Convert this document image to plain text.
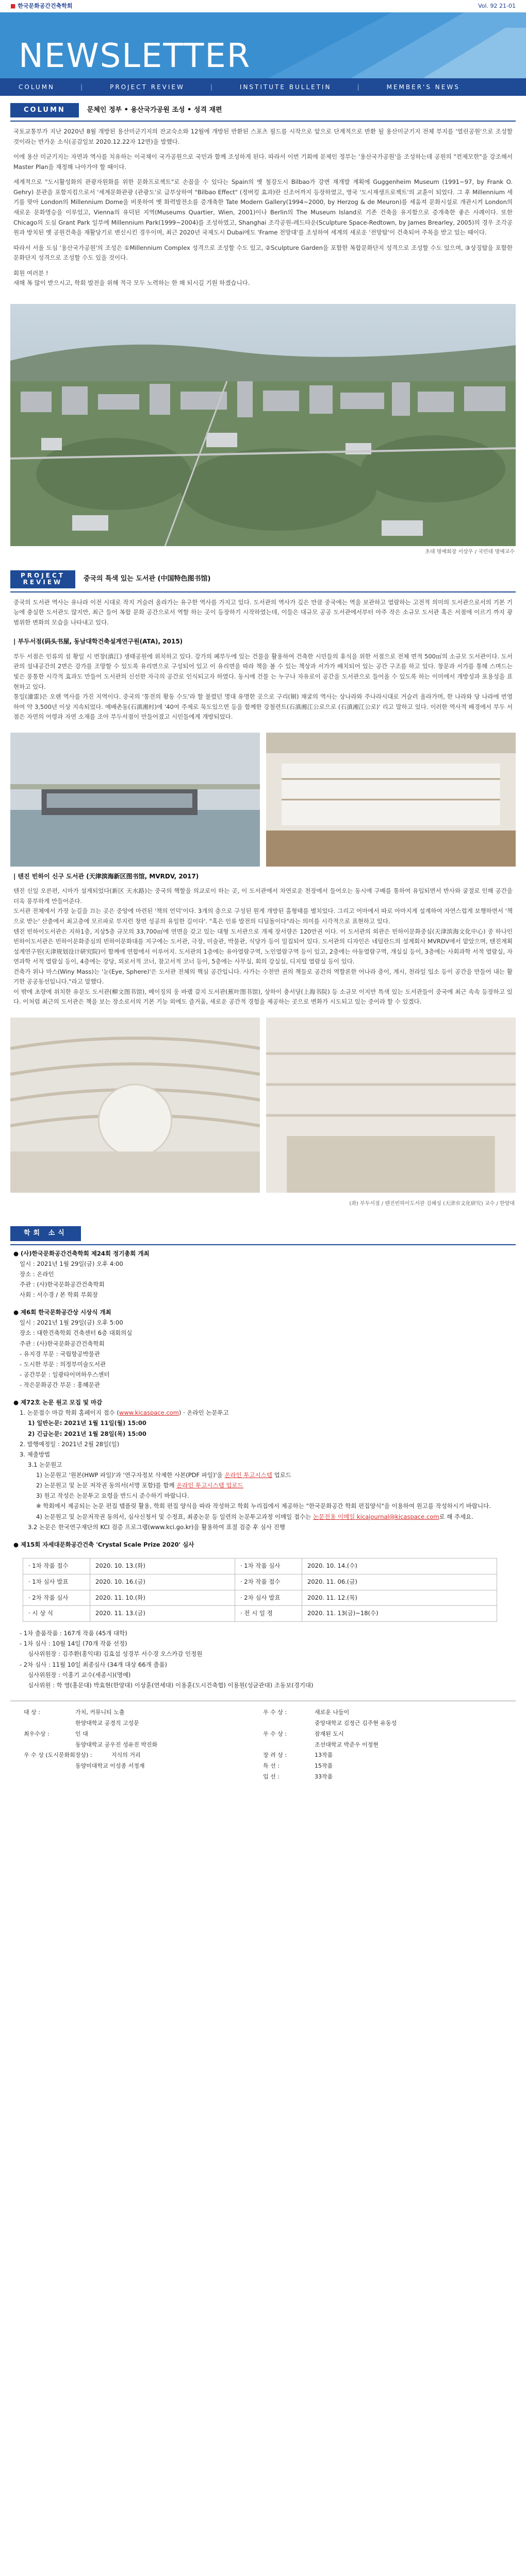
■ 한국문화공간건축학회	Vol. 92 21-01
NEWSLETTER
COLUMN	|	PROJECT REVIEW	|	INSTITUTE BULLETIN	|	MEMBER'S NEWS
COLUMN	문체인 정부 • 용산국가공원 조성 • 성격 재편

국토교통부가 지난 2020년 8월 개방된 용산미군기지의 잔교숙소와 12월에 개방된 반환된 스포츠 필드를 시작으로 앞으로 단계적으로 반환 될 용산미군기지 전체 부지를 '열린공원'으로 조성할 것이라는 반가운 소식(공감일보 2020.12.22자 12면)을 발했다.

이에 용산 미군기지는 자연과 역사를 치유하는 이국채이 국가공원으로 국민과 함께 조성하게 된다. 따라서 이번 기회에 문제인 정부는 '용산국가공원'을 조성하는데 공원의 "컨제모한"을 강조해서 Master Plan을 재정해 나아가야 할 때이다.

세계적으로 "도시활성화의 관광자원화를 위한 문화프로젝트"로 손꼽을 수 있다는 Spain의 옛 철강도시 Bilbao가 강변 재개발 계획에 Guggenheim Museum (1991~97, by Frank O. Gehry) 분관을 포함지킴으로서 '세계문화관광 (관광도'로 급부상하여 "Bilbao Effect" (정버킹 효과)란 신조어까지 등장하였고, 영국 '도시재생프로젝트'의 교훈이 되었다. 그 후 Millennium 세기를 맞아 London의 Millennium Dome을 비롯하여 옛 화력발전소를 증개축한 Tate Modern Gallery(1994~2000, by Herzog & de Meuron)를 세움져 문화시설로 개관시켜 London의 새로운 문화명승을 이루었고, Vienna의 유덕된 지역(Museums Quartier, Wien, 2001)이나 Berlin의 The Museum Island로 기존 건축을 유지함으로 증개축한 좋은 사례이다. 또한 Chicago의 도심 Grant Park 일부에 Millennium Park(1999~2004)를 조성하였고, Shanghai 조각공원-레드타운(Sculpture Space-Redtown, by James Brearley, 2005)의 경우 조각공원과 방치된 옛 공원건축을 재활당기로 변신시킨 경우이며, 최근 2020년 국제도시 Dubai에도 'Frame 전망대'를 조성하여 세계의 새로운 '전망탑'이 건축되어 주목을 받고 있는 때이다.

따라서 서울 도심 '용산국가공원'의 조성은 ①Millennium Complex 성격으로 조성할 수도 있고, ②Sculpture Garden을 포함한 복합문화단지 성격으로 조성할 수도 있으며, ③상징탑을 포함한 문화단지 성격으로 조성할 수도 있을 것이다.

회원 여러분 !
새해 복 많이 받으시고, 학회 발전을 위해 적극 모두 노력하는 한 해 되시길 기원 하겠습니다.

초대 명예회장 서상우 / 국민대 명예교수
PROJECT
REVIEW	중국의 특색 있는 도서관 (中国特色图书馆)
중국의 도서관 역사는 유나라 이전 시대로 작지 거슬러 올라가는 유구한 역사를 가지고 있다. 도서관의 역사가 깊은 만큼 중국에는 역을 보관하고 열람하는 고전적 의미의 도서관으로서의 기본 기능에 충실한 도서관도 많지만, 최근 들어 복합 문화 공간으로서 역할 하는 곳이 등장하기 시작하였는데, 이들은 대규모 공공 도서관에서부터 아주 작은 소규모 도서관 혹은 서점에 이르기 까지 광범위한 변화의 모습을 나타내고 있다.
| 부두서점(码头书屋, 동남대학건축설계연구원(ATA), 2015)
부두 서점은 인류의 섬 황일 시 번창(滇江) 생태공원에 위치하고 있다. 강가의 폐부두에 있는 건물을 활용하여 건축한 시민들의 휴식을 위한 서점으로 전체 면적 500㎡의 소규모 도서관이다. 도서관의 설내공간의 2면은 강가를 조망할 수 있도록 유리면으로 구성되어 있고 이 유리면을 따라 책을 볼 수 있는 책상과 서가가 배치되어 있는 공간 구조를 하고 있다. 창문과 서가를 통해 스며드는 빛은 풍통한 시각적 효과도 만들어 도서관의 신선한 자극의 공간로 인식되고자 하였다. 동시에 건물 는 누구나 자유로이 공간을 도서관으로 들어올 수 있도록 하는 이미에서 개방성과 포용성을 표현하고 있다.
통일(潼雷)은 오랜 역사를 가진 지역이다. 중국의 '통전의 황동 수도'라 할 불렸던 명대 유명한 곳으로 구리(铜) 채굴의 역사는 상나라와 주나라시대로 거슬러 올라가며, 한 나라와 당 나라에 번영하여 약 3,500년 이상 지속되었다. 예배촌동(石滇湘村)에 '40여 주제로 묵도있으면 등을 함께한 강철련트(石滇湘江公로으로 (石滇湘江公로)' 리고 말하고 있다. 이러한 역사적 배경에서 부두 서점은 자연의 어령과 자연 소재를 조아 부두서점이 만들어졌고 시민들에게 개방되었다.
| 텐진 빈하이 신구 도서관 (天津滨海新区图书馆, MVRDV, 2017)
텐진 신일 오른편, 시마가 설계되었다(新区 天水路)는 중국의 핵할을 의교로이 하는 곳, 이 도서관에서 차연로운 천장에서 들어오는 동시에 구배를 통하여 유입되면서 반사와 굴절로 인해 공간을 더욱 풍부하게 만들어준다.
도서관 전체에서 가장 눈길을 끄는 곳은 중앙에 마련된 '책의 언덕'이다. 3개의 층으로 구성된 원게 개방된 홀형태를 별치었다. 그리고 어마에서 따로 아마지게 설계하여 자연스럽게 보행하면서 '책으로 받는' 산출에서 최고층에 모르파로 부지런 창면 성공의 유일한 길이다'. "혹은 인류 발전의 디딤돌이다"라는 의미를 시각적으로 표현하고 있다.
텐진 빈하이도서관은 지하1층, 지상5층 규모의 33,700㎡에 연면을 갖고 있는 대형 도서관으로 개제 장서량은 120만권 이다. 이 도서관의 외관은 빈하이문화중심(天津滨海文化中心) 중 하나인 빈하이도서관은 빈하이문화중심의 빈하이문화대를 지구에는 도서관, 극장, 미술관, 박물관, 식당가 등이 밀집되어 있다. 도서관의 디자인은 네덜란드의 설계회사 MVRDV에서 맡았으며, 텐진계획설계연구원(天津规划设计研究院)이 함께에 연합에서 이루어지. 도서관의 1층에는 유아열람구역, 노인열람구역 등이 있고, 2층에는 아동열람구역, 개실실 등이, 3층에는 사회과학 서적 열람실, 자연과학 서적 열람실 등이, 4층에는 강당, 외로서적 코너, 참고서적 코너 등이, 5층에는 사무실, 회의 강실실, 디지털 열람실 등이 있다.
건축가 위나 마스(Winy Mass)는 '눈(Eye, Sphere)'은 도서관 전체의 핵심 공간입니다. 사가는 수천만 권의 책들로 공간의 역할론한 어나라 층이, 계시, 천라일 입소 등이 공간을 만들어 내는 활기한 공공동선입니다."라고 말했다.
이 밖에 초량에 위치한 유문도 도서관(柳文图书馆), 베이징의 웅 바램 갈지 도서관(蕉叶图书馆), 상하이 충서당(上海书院) 등 소규모 이지만 특색 있는 도서관들이 중국에 최근 속속 등장하고 있다. 이처럼 최근의 도서관은 책을 보는 장소로서의 기본 기능 외에도 즐거움, 새로운 공간적 경험을 제공하는 곳으로 변화가 시도되고 있는 중이라 할 수 있겠다.
(좌) 부두서점 / 텐진빈하이도서관 김혜성 (天津市文化研究) 교수 / 한양대
학회 소식
● (사)한국문화공간건축학회 제24회 정기총회 개최
일시 : 2021년 1월 29일(금) 오후 4:00
장소 : 온라인
주관 : (사)한국문화공간건축학회
사회 : 서수경 / 본 학회 부회장
● 제6회 한국문화공간상 시상식 개최
일시 : 2021년 1월 29일(금) 오후 5:00
장소 : 대한건축학회 건축센터 6층 대회의실
주관 : (사)한국문화공간건축학회
- 유지경 부문 : 국립항공박물관
- 도시한 부문 : 의정부미술도서관
- 공간부문 : 일광타이머하우스센터
- 작은문화공간 부문 : 홍혜문관
● 제72호 논문 원고 모집 및 마감
1. 논문접수 마감 학회 홈페이지 접수 (www.kicaspace.com) · 온라인 논문투고
1) 일반논문: 2021년 1월 11일(월) 15:00
2) 긴급논문: 2021년 1월 28일(목) 15:00
2. 발행예정일 : 2021년 2월 28일(일)
3. 제출방법
3.1 논문원고
1) 논문원고 '원본(HWP 파일)'과 '연구자정보 삭제한 사본(PDF 파일)'을 온라인 투고시스템 업로드
2) 논문원고 및 논문 저작권 동의서(서명 포함)를 함께 온라인 투고시스템 업로드
3) 원고 작성은 논문투고 요령을 반드시 준수하기 바랍니다.
※ 학회에서 제공되는 논문 편집 템플릿 활용, 학회 편집 양식을 따라 작성하고 학회 누리집에서 제공하는 "한국문화공간 학회 편집양식"을 이용하여 원고를 작성하시기 바랍니다.
4) 논문원고 및 논문저작권 동의서, 심사신청서 및 수정표, 최종논문 등 일련의 논문투고과정 이메일 접수는 논문전용 이메일 kicajournal@kicaspace.com로 해 주세요.
3.2 논문은 한국연구재단의 KCI 검증 프로그램(www.kci.go.kr)을 활용하여 표절 검증 후 심사 진행
● 제15회 자세대문화공간건축 'Crystal Scale Prize 2020' 심사
· 1차 작품 접수	2020. 10. 13.(화)	· 1차 작품 심사	2020. 10. 14.(수)
· 1차 심사 발표	2020. 10. 16.(금)	· 2차 작품 접수	2020. 11. 06.(금)
· 2차 작품 심사	2020. 11. 10.(화)	· 2차 심사 발표	2020. 11. 12.(목)
· 시 상 식	2020. 11. 13.(금)	· 전 시 일 정	2020. 11. 13(금)~18(수)
- 1차 출품작품 : 167개 작품 (45개 대학)
- 1차 심사 : 10월 14일 (70개 작품 선정)
심사위원장 : 김주환(홍익대) 김효섭 성경부 서수경 오스카감 인정원
- 2차 심사 : 11월 10일 최종심사 (34개 대상 66개 출품)
심사위원장 : 이홍기 교수(세종시)(명예)
심사위원 : 학 영(홍문대) 박효현(한양대) 이상훈(연세대) 이용훈(도시건축협) 이용원(성균관대) 조동보(경기대)
대 상 :	가치, 커뮤니티 노출
한양대학교 공경직 고성문
최우수상 :	인 대
동양대학교 공우진 성유진 박진화
우 수 상 (도시문화회장상) :	지식의 거리
동양미대학교 이성종 서정재
우 수 상 :	새로운 나들이
중앙대학교 김정근 김주현 유동성
우 수 상 :	잠재된 도시
조선대학교 박준우 이정현
장 려 상 :	13작품
특 선 :	15작품
입 선 :	33작품
